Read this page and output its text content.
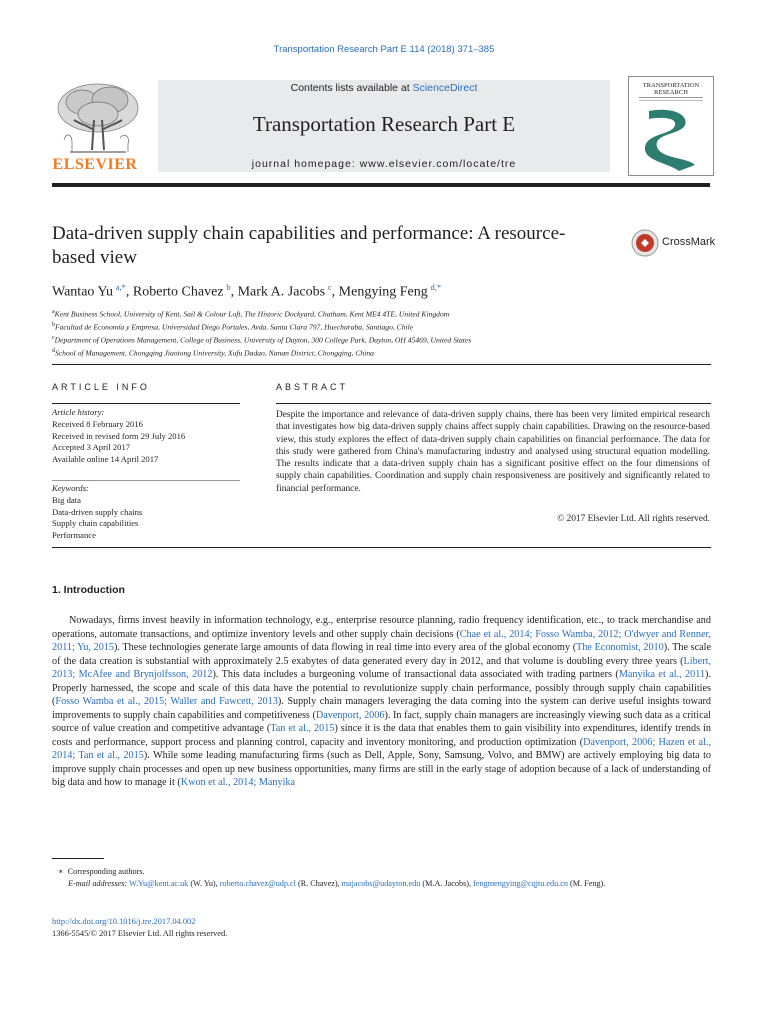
Transportation Research Part E 114 (2018) 371–385
ELSEVIER
Contents lists available at ScienceDirect
Transportation Research Part E
journal homepage: www.elsevier.com/locate/tre
TRANSPORTATION
RESEARCH
Data-driven supply chain capabilities and performance: A resource-based view
CrossMark
Wantao Yu  $^{a,*}$, Roberto Chavez  $^b$, Mark A. Jacobs  $^c$, Mengying Feng  $^{d,*}$
$^a$Kent Business School, University of Kent, Sail & Colour Loft, The Historic Dockyard, Chatham, Kent ME4 4TE, United Kingdom
$^b$Facultad de Economía y Empresa, Universidad Diego Portales, Avda. Santa Clara 797, Huechuraba, Santiago, Chile
$^c$Department of Operations Management, College of Business, University of Dayton, 300 College Park, Dayton, OH 45469, United States
$^d$School of Management, Chongqing Jiaotong University, Xufu Dadao, Nanan District, Chongqing, China
ARTICLE INFO
Article history:
Received 8 February 2016
Received in revised form 29 July 2016
Accepted 3 April 2017
Available online 14 April 2017
Keywords:
Big data
Data-driven supply chains
Supply chain capabilities
Performance
ABSTRACT
Despite the importance and relevance of data-driven supply chains, there has been very limited empirical research that investigates how big data-driven supply chains affect supply chain capabilities. Drawing on the resource-based view, this study explores the effect of data-driven supply chain capabilities on financial performance. The data for this study were gathered from China's manufacturing industry and analysed using structural equation modelling. The results indicate that a data-driven supply chain has a significant positive effect on the four dimensions of supply chain capabilities. Coordination and supply chain responsiveness are positively and significantly related to financial performance.
© 2017 Elsevier Ltd. All rights reserved.
1. Introduction
Nowadays, firms invest heavily in information technology, e.g., enterprise resource planning, radio frequency identification, etc., to track merchandise and operations, automate transactions, and optimize inventory levels and other supply chain decisions (Chae et al., 2014; Fosso Wamba, 2012; O'dwyer and Renner, 2011; Yu, 2015). These technologies generate large amounts of data flowing in real time into every area of the global economy (The Economist, 2010). The scale of the data creation is substantial with approximately 2.5 exabytes of data generated every day in 2012, and that volume is doubling every three years (Libert, 2013; McAfee and Brynjolfsson, 2012). This data includes a burgeoning volume of transactional data associated with trading partners (Manyika et al., 2011). Properly harnessed, the scope and scale of this data have the potential to revolutionize supply chain performance, possibly through supply chain capabilities (Fosso Wamba et al., 2015; Waller and Fawcett, 2013). Supply chain managers leveraging the data coming into the system can derive useful insights toward improvements to supply chain capabilities and competitiveness (Davenport, 2006). In fact, supply chain managers are increasingly viewing such data as a critical source of value creation and competitive advantage (Tan et al., 2015) since it is the data that enables them to gain visibility into expenditures, identify trends in costs and performance, support process and planning control, capacity and inventory monitoring, and production optimization (Davenport, 2006; Hazen et al., 2014; Tan et al., 2015). While some leading manufacturing firms (such as Dell, Apple, Sony, Samsung, Volvo, and BMW) are actively employing big data to improve supply chain processes and open up new business opportunities, many firms are still in the early stage of adoption because of a lack of understanding of big data and how to manage it (Kwon et al., 2014; Manyika
∗ Corresponding authors.
E-mail addresses: W.Yu@kent.ac.uk (W. Yu), roberto.chavez@udp.cl (R. Chavez), majacobs@udayton.edu (M.A. Jacobs), fengmengying@cqjtu.edu.cn (M. Feng).
http://dx.doi.org/10.1016/j.tre.2017.04.002
1366-5545/© 2017 Elsevier Ltd. All rights reserved.
